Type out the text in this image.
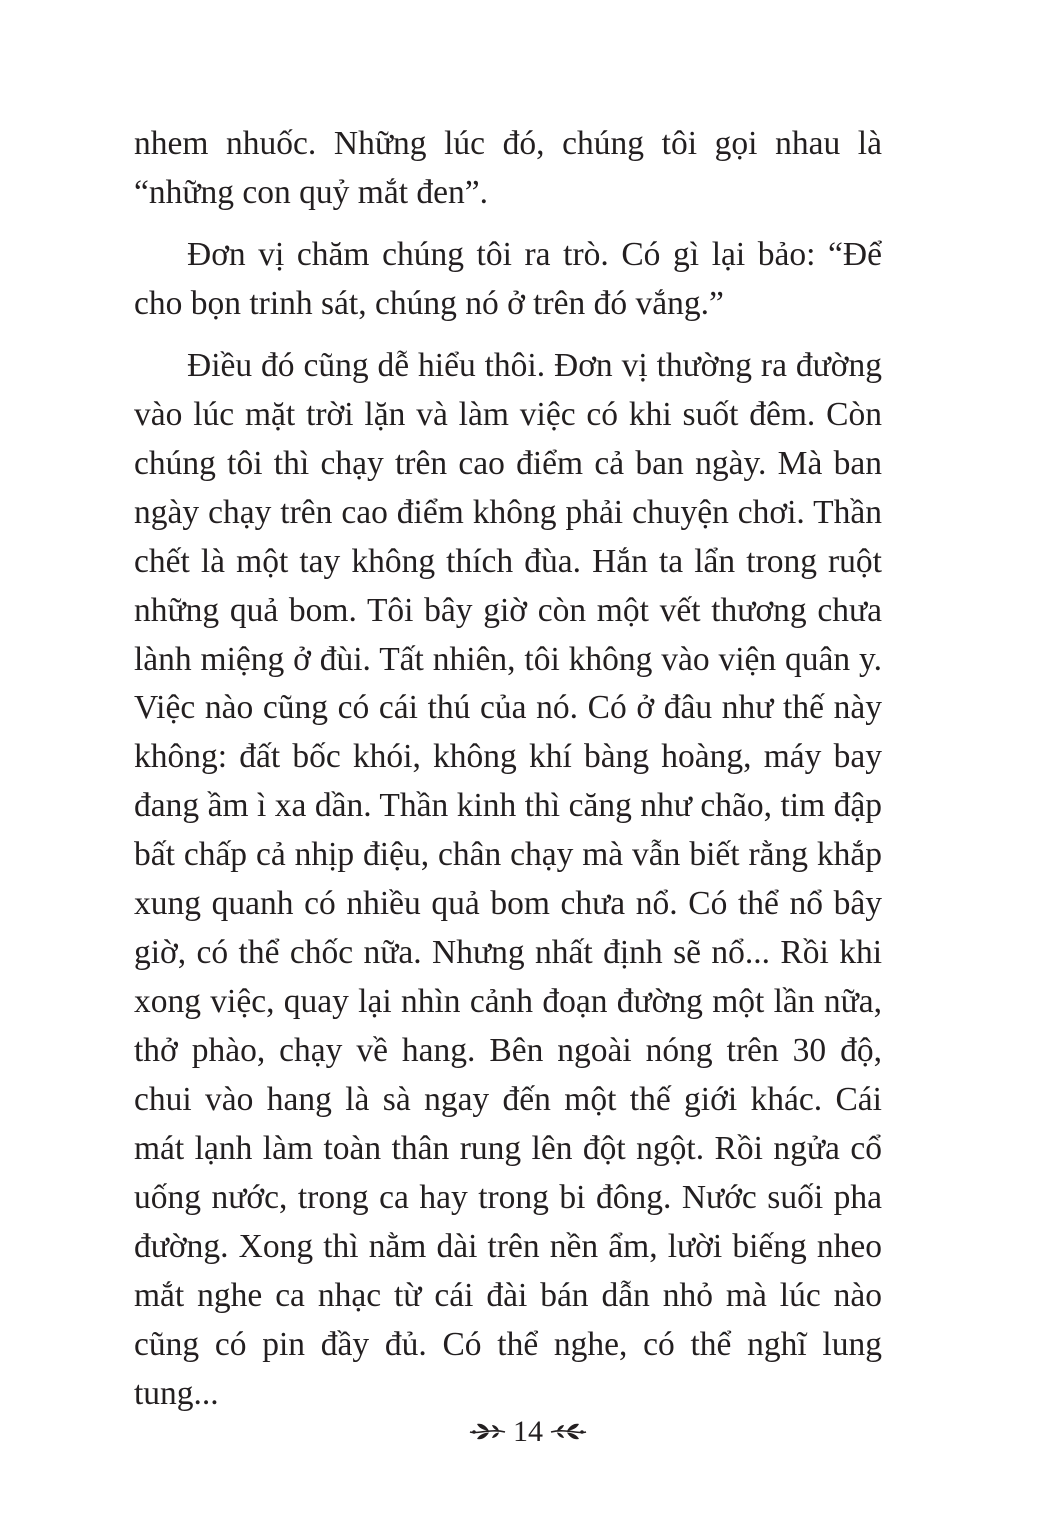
nhem nhuốc. Những lúc đó, chúng tôi gọi nhau là “những con quỷ mắt đen”.

Đơn vị chăm chúng tôi ra trò. Có gì lại bảo: “Để cho bọn trinh sát, chúng nó ở trên đó vắng.”

Điều đó cũng dễ hiểu thôi. Đơn vị thường ra đường vào lúc mặt trời lặn và làm việc có khi suốt đêm. Còn chúng tôi thì chạy trên cao điểm cả ban ngày. Mà ban ngày chạy trên cao điểm không phải chuyện chơi. Thần chết là một tay không thích đùa. Hắn ta lẩn trong ruột những quả bom. Tôi bây giờ còn một vết thương chưa lành miệng ở đùi. Tất nhiên, tôi không vào viện quân y. Việc nào cũng có cái thú của nó. Có ở đâu như thế này không: đất bốc khói, không khí bàng hoàng, máy bay đang ầm ì xa dần. Thần kinh thì căng như chão, tim đập bất chấp cả nhịp điệu, chân chạy mà vẫn biết rằng khắp xung quanh có nhiều quả bom chưa nổ. Có thể nổ bây giờ, có thể chốc nữa. Nhưng nhất định sẽ nổ... Rồi khi xong việc, quay lại nhìn cảnh đoạn đường một lần nữa, thở phào, chạy về hang. Bên ngoài nóng trên 30 độ, chui vào hang là sà ngay đến một thế giới khác. Cái mát lạnh làm toàn thân rung lên đột ngột. Rồi ngửa cổ uống nước, trong ca hay trong bi đông. Nước suối pha đường. Xong thì nằm dài trên nền ẩm, lười biếng nheo mắt nghe ca nhạc từ cái đài bán dẫn nhỏ mà lúc nào cũng có pin đầy đủ. Có thể nghe, có thể nghĩ lung tung...

14
